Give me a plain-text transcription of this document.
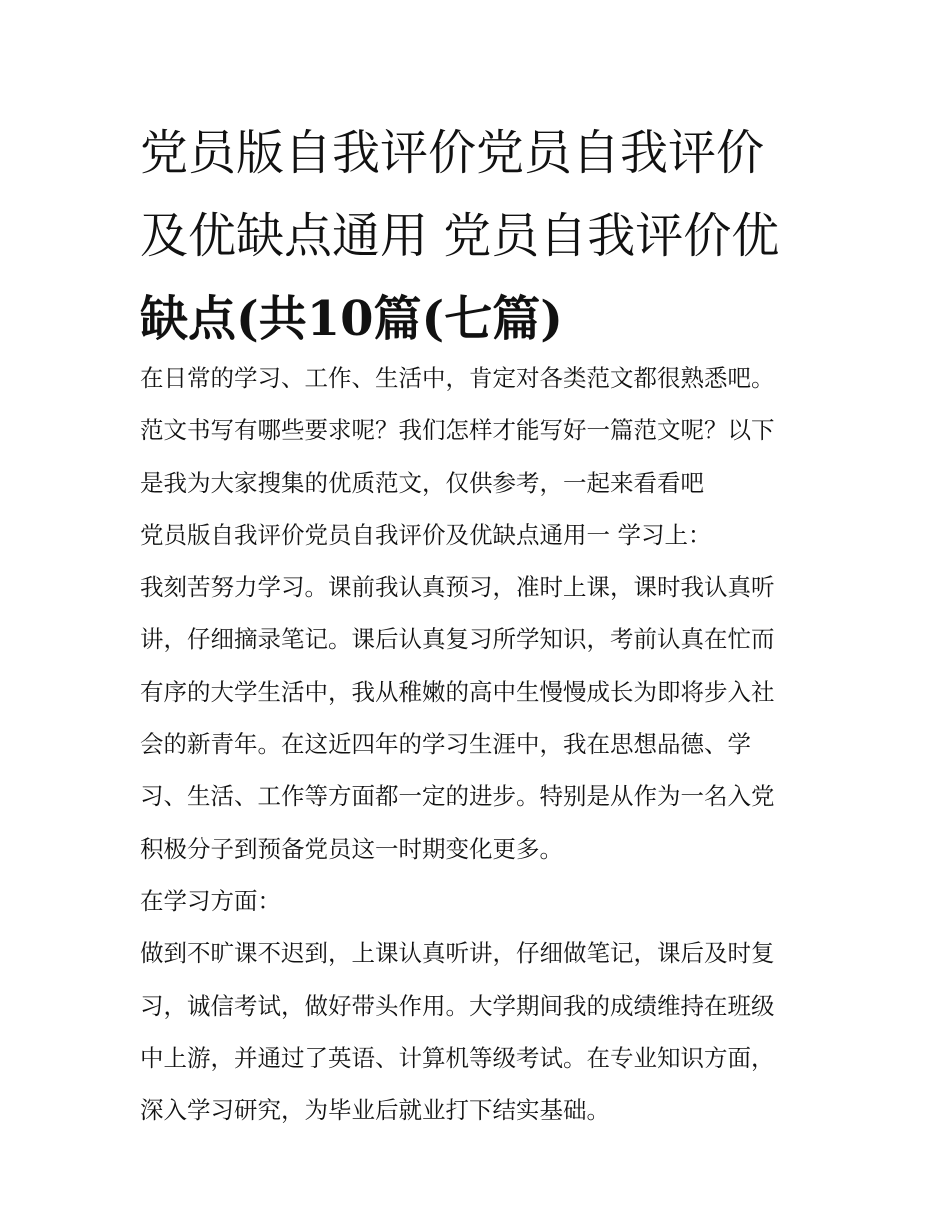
党员版自我评价党员自我评价
及优缺点通用 党员自我评价优
缺点(共10篇(七篇)
在日常的学习、工作、生活中，肯定对各类范文都很熟悉吧。
范文书写有哪些要求呢？我们怎样才能写好一篇范文呢？以下
是我为大家搜集的优质范文，仅供参考，一起来看看吧
党员版自我评价党员自我评价及优缺点通用一 学习上：
我刻苦努力学习。课前我认真预习，准时上课，课时我认真听
讲，仔细摘录笔记。课后认真复习所学知识，考前认真在忙而
有序的大学生活中，我从稚嫩的高中生慢慢成长为即将步入社
会的新青年。在这近四年的学习生涯中，我在思想品德、学
习、生活、工作等方面都一定的进步。特别是从作为一名入党
积极分子到预备党员这一时期变化更多。
在学习方面：
做到不旷课不迟到，上课认真听讲，仔细做笔记，课后及时复
习，诚信考试，做好带头作用。大学期间我的成绩维持在班级
中上游，并通过了英语、计算机等级考试。在专业知识方面，
深入学习研究，为毕业后就业打下结实基础。
